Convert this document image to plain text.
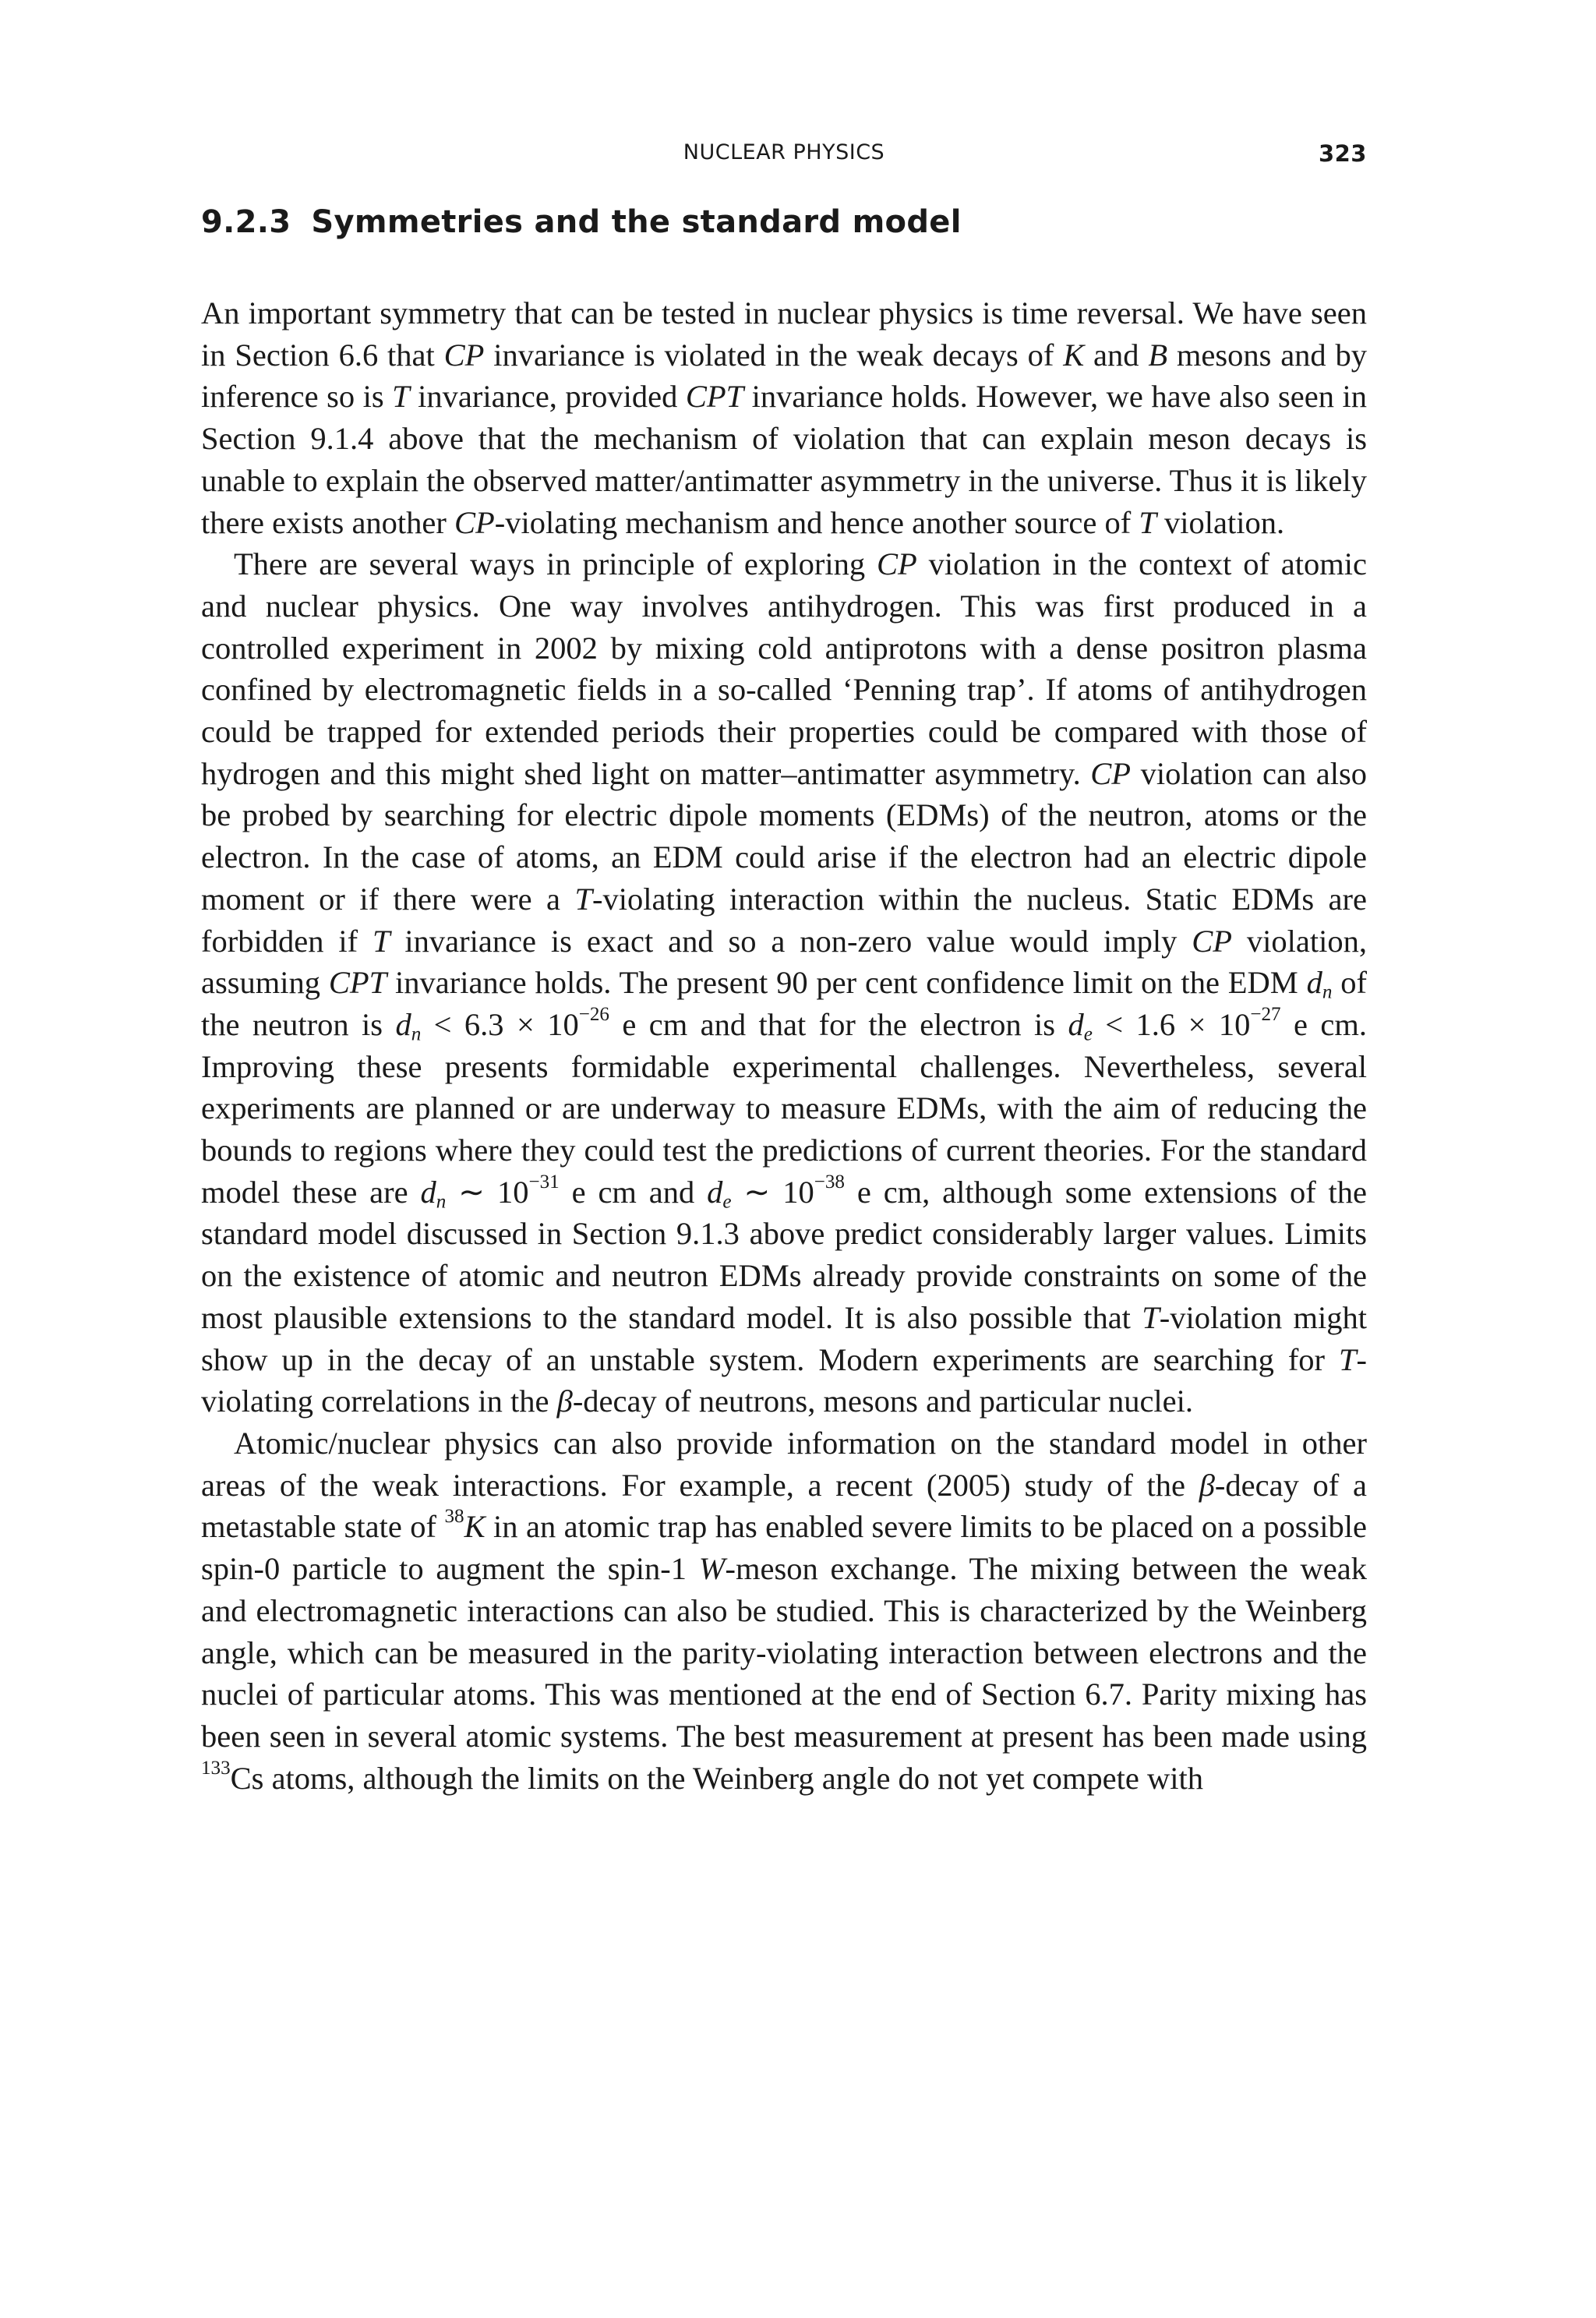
NUCLEAR PHYSICS	323
9.2.3 Symmetries and the standard model

An important symmetry that can be tested in nuclear physics is time reversal. We have seen in Section 6.6 that CP invariance is violated in the weak decays of K and B mesons and by inference so is T invariance, provided CPT invariance holds. However, we have also seen in Section 9.1.4 above that the mechanism of violation that can explain meson decays is unable to explain the observed matter/antimatter asymmetry in the universe. Thus it is likely there exists another CP-violating mechanism and hence another source of T violation.

There are several ways in principle of exploring CP violation in the context of atomic and nuclear physics. One way involves antihydrogen. This was first produced in a controlled experiment in 2002 by mixing cold antiprotons with a dense positron plasma confined by electromagnetic fields in a so-called ‘Penning trap’. If atoms of antihydrogen could be trapped for extended periods their properties could be compared with those of hydrogen and this might shed light on matter–antimatter asymmetry. CP violation can also be probed by searching for electric dipole moments (EDMs) of the neutron, atoms or the electron. In the case of atoms, an EDM could arise if the electron had an electric dipole moment or if there were a T-violating interaction within the nucleus. Static EDMs are forbidden if T invariance is exact and so a non-zero value would imply CP violation, assuming CPT invariance holds. The present 90 per cent confidence limit on the EDM $d_n$ of the neutron is $d_n < 6.3 \times 10^{-26}$ e cm and that for the electron is $d_e < 1.6 \times 10^{-27}$ e cm. Improving these presents formidable experimental challenges. Nevertheless, several experiments are planned or are underway to measure EDMs, with the aim of reducing the bounds to regions where they could test the predictions of current theories. For the standard model these are $d_n$ ∼ $10^{-31}$ e cm and $d_e$ ∼ $10^{-38}$ e cm, although some extensions of the standard model discussed in Section 9.1.3 above predict considerably larger values. Limits on the existence of atomic and neutron EDMs already provide constraints on some of the most plausible extensions to the standard model. It is also possible that T-violation might show up in the decay of an unstable system. Modern experiments are searching for T-violating correlations in the β-decay of neutrons, mesons and particular nuclei.

Atomic/nuclear physics can also provide information on the standard model in other areas of the weak interactions. For example, a recent (2005) study of the β-decay of a metastable state of $^{38}$K in an atomic trap has enabled severe limits to be placed on a possible spin-0 particle to augment the spin-1 W-meson exchange. The mixing between the weak and electromagnetic interactions can also be studied. This is characterized by the Weinberg angle, which can be measured in the parity-violating interaction between electrons and the nuclei of particular atoms. This was mentioned at the end of Section 6.7. Parity mixing has been seen in several atomic systems. The best measurement at present has been made using $^{133}$Cs atoms, although the limits on the Weinberg angle do not yet compete with
